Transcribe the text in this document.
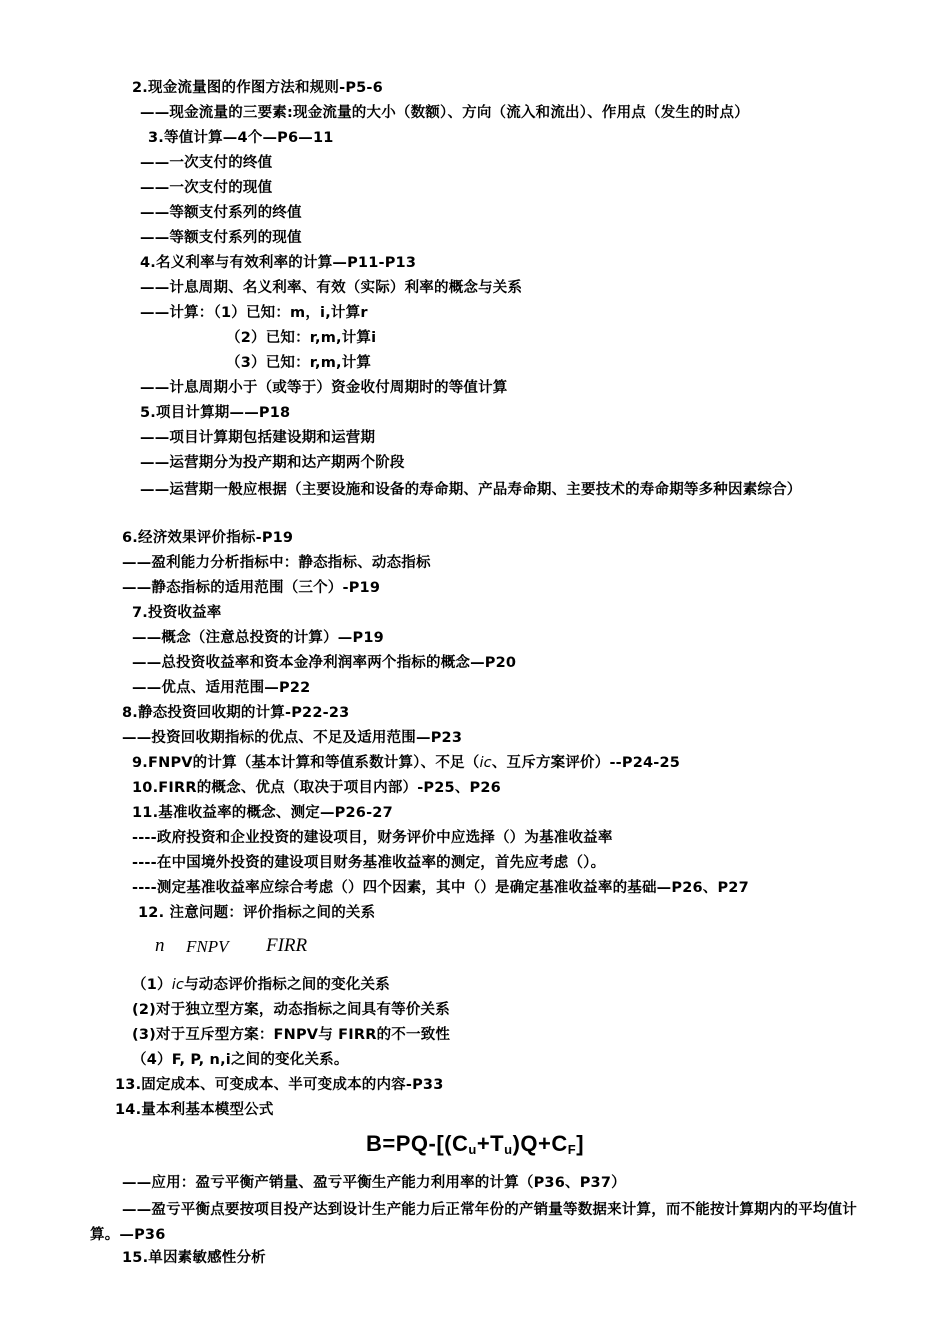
2.现金流量图的作图方法和规则-P5-6
——现金流量的三要素:现金流量的大小（数额）、方向（流入和流出）、作用点（发生的时点）
3.等值计算—4个—P6—11
——一次支付的终值
——一次支付的现值
——等额支付系列的终值
——等额支付系列的现值
4.名义利率与有效利率的计算—P11-P13
——计息周期、名义利率、有效（实际）利率的概念与关系
——计算：（1）已知：m，i,计算r
（2）已知：r,m,计算i
（3）已知：r,m,计算
——计息周期小于（或等于）资金收付周期时的等值计算
5.项目计算期——P18
——项目计算期包括建设期和运营期
——运营期分为投产期和达产期两个阶段
——运营期一般应根据（主要设施和设备的寿命期、产品寿命期、主要技术的寿命期等多种因素综合）
6.经济效果评价指标-P19
——盈利能力分析指标中：静态指标、动态指标
——静态指标的适用范围（三个）-P19
7.投资收益率
——概念（注意总投资的计算）—P19
——总投资收益率和资本金净利润率两个指标的概念—P20
——优点、适用范围—P22
8.静态投资回收期的计算-P22-23
——投资回收期指标的优点、不足及适用范围—P23
9.FNPV的计算（基本计算和等值系数计算）、不足（ic、互斥方案评价）--P24-25
10.FIRR的概念、优点（取决于项目内部）-P25、P26
11.基准收益率的概念、测定—P26-27
----政府投资和企业投资的建设项目，财务评价中应选择（）为基准收益率
----在中国境外投资的建设项目财务基准收益率的测定，首先应考虑（）。
----测定基准收益率应综合考虑（）四个因素，其中（）是确定基准收益率的基础—P26、P27
12. 注意问题：评价指标之间的关系
n FNPV FIRR
（1）ic与动态评价指标之间的变化关系
(2)对于独立型方案，动态指标之间具有等价关系
(3)对于互斥型方案：FNPV与 FIRR的不一致性
（4）F, P, n,i之间的变化关系。
13.固定成本、可变成本、半可变成本的内容-P33
14.量本利基本模型公式
$B=PQ-[(C_u+T_u)Q+C_F]$
——应用：盈亏平衡产销量、盈亏平衡生产能力利用率的计算（P36、P37）
——盈亏平衡点要按项目投产达到设计生产能力后正常年份的产销量等数据来计算，而不能按计算期内的平均值计算。—P36
15.单因素敏感性分析
